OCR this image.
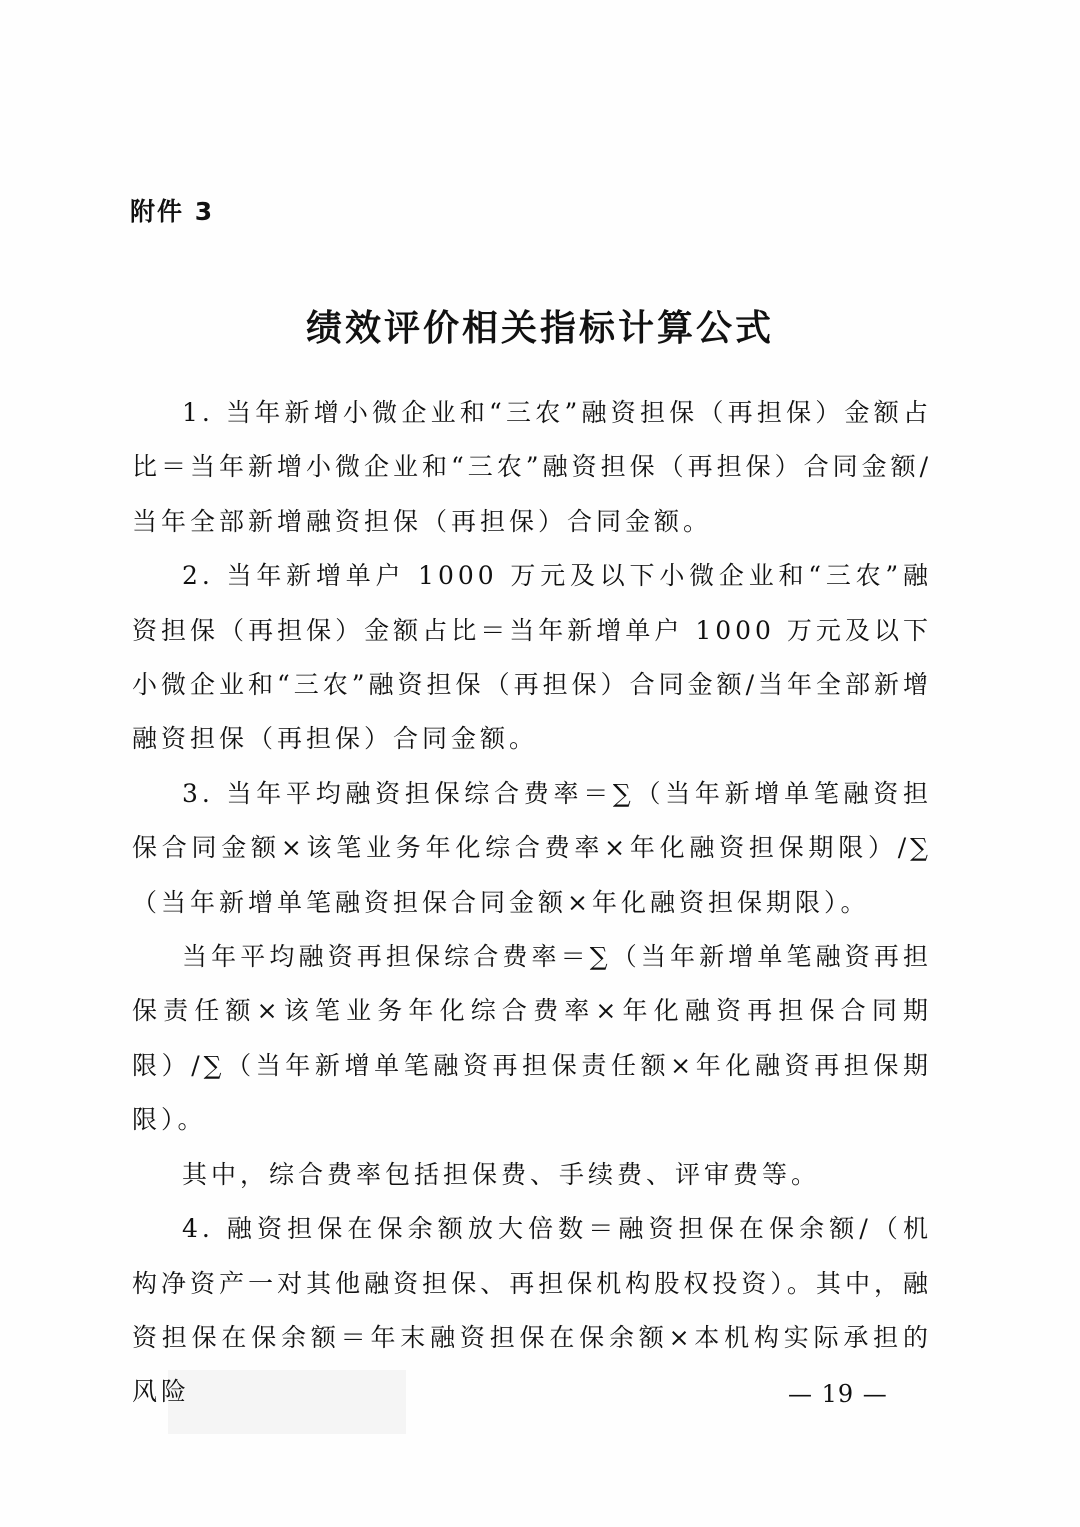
附件 3
绩效评价相关指标计算公式

1. 当年新增小微企业和“三农”融资担保（再担保）金额占比＝当年新增小微企业和“三农”融资担保（再担保）合同金额/当年全部新增融资担保（再担保）合同金额。

2. 当年新增单户 1000 万元及以下小微企业和“三农”融资担保（再担保）金额占比＝当年新增单户 1000 万元及以下小微企业和“三农”融资担保（再担保）合同金额/当年全部新增融资担保（再担保）合同金额。

3. 当年平均融资担保综合费率＝∑（当年新增单笔融资担保合同金额×该笔业务年化综合费率×年化融资担保期限）/∑（当年新增单笔融资担保合同金额×年化融资担保期限）。

当年平均融资再担保综合费率＝∑（当年新增单笔融资再担保责任额×该笔业务年化综合费率×年化融资再担保合同期限）/∑（当年新增单笔融资再担保责任额×年化融资再担保期限）。

其中，综合费率包括担保费、手续费、评审费等。

4. 融资担保在保余额放大倍数＝融资担保在保余额/（机构净资产一对其他融资担保、再担保机构股权投资）。其中，融资担保在保余额＝年末融资担保在保余额×本机构实际承担的风险	— 19 —
